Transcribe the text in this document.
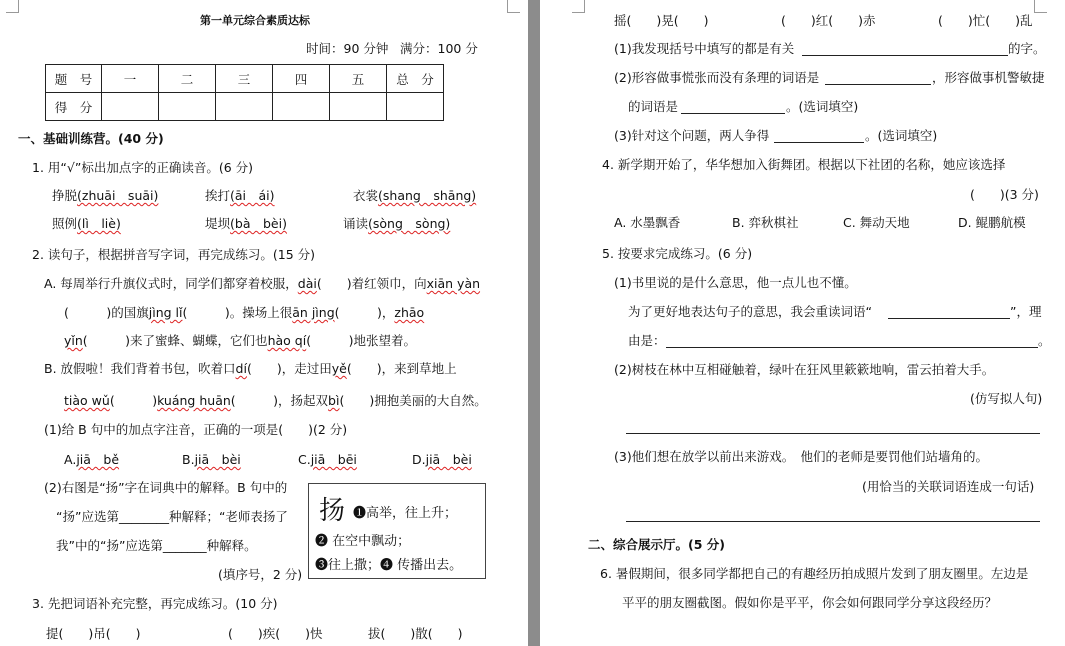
第一单元综合素质达标
时间：90 分钟 满分：100 分
题　号	一	二	三	四	五	总　分
得　分						
一、基础训练营。(40 分)
1. 用“√”标出加点字的正确读音。(6 分)
挣脱(zhuāi　suāi)	挨打(āi　ái)	衣裳(shang　shāng)
照例(lì　liè)	堤坝(bà　bèi)	诵读(sòng　sòng)
2. 读句子，根据拼音写字词，再完成练习。(15 分)
A. 每周举行升旗仪式时，同学们都穿着校服，dài(　　)着红领巾，向xiān yàn
(　　　)的国旗jìng lǐ(　　　)。操场上很ān jìng(　　　)，zhāo
yǐn(　　　)来了蜜蜂、蝴蝶，它们也hào qí(　　　)地张望着。
B. 放假啦！我们背着书包，吹着口dí(　　)，走过田yě(　　)，来到草地上
tiào wǔ(　　　)kuáng huān(　　　)，扬起双bì(　　)拥抱美丽的大自然。
(1)给 B 句中的加点字注音，正确的一项是(　　)(2 分)
A.jiā　bě	B.jiā　bèi	C.jiā　bēi	D.jiā　bèi
(2)右图是“扬”字在词典中的解释。B 句中的
“扬”应选第________种解释；“老师表扬了
我”中的“扬”应选第_______种解释。
(填序号，2 分)
扬 ❶高举，往上升；
❷ 在空中飘动；
❸往上撒；❹ 传播出去。
3. 先把词语补充完整，再完成练习。(10 分)
提(　　)吊(　　)	(　　)疾(　　)快	拔(　　)散(　　)
摇(　　)晃(　　)	(　　)红(　　)赤	(　　)忙(　　)乱
(1)我发现括号中填写的都是有关	的字。
(2)形容做事慌张而没有条理的词语是	，形容做事机警敏捷
的词语是	。(选词填空)
(3)针对这个问题，两人争得	。(选词填空)
4. 新学期开始了，华华想加入街舞团。根据以下社团的名称，她应该选择
(　　)(3 分)
A. 水墨飘香	B. 弈秋棋社	C. 舞动天地	D. 鲲鹏航模
5. 按要求完成练习。(6 分)
(1)书里说的是什么意思，他一点儿也不懂。
为了更好地表达句子的意思，我会重读词语“	”，理
由是：	。
(2)树枝在林中互相碰触着，绿叶在狂风里簌簌地响，雷云拍着大手。
(仿写拟人句)
(3)他们想在放学以前出来游戏。　他们的老师是要罚他们站墙角的。
(用恰当的关联词语连成一句话)
二、综合展示厅。(5 分)
6. 暑假期间，很多同学都把自己的有趣经历拍成照片发到了朋友圈里。左边是
平平的朋友圈截图。假如你是平平，你会如何跟同学分享这段经历？
